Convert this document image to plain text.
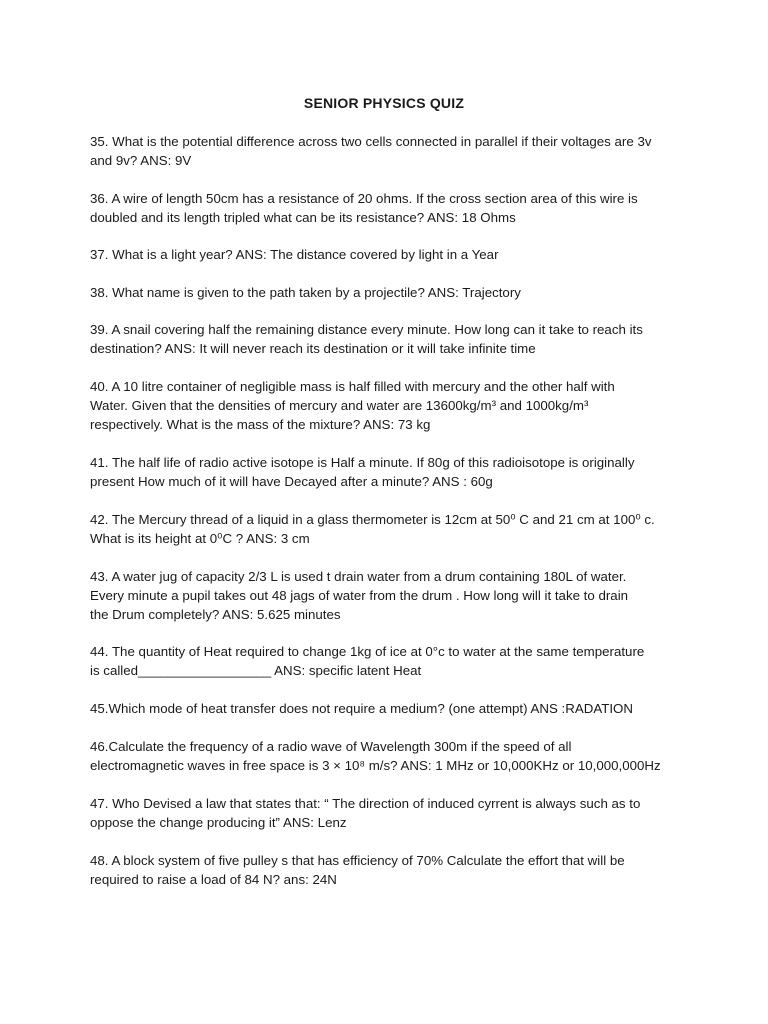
SENIOR PHYSICS QUIZ
35. What is the potential difference across two cells connected in parallel if their voltages are 3v
and 9v? ANS: 9V
36. A wire of length 50cm has a resistance of 20 ohms. If the cross section area of this wire is
doubled and its length tripled what can be its resistance? ANS: 18 Ohms
37. What is a light year? ANS: The distance covered by light in a Year
38. What name is given to the path taken by a projectile? ANS: Trajectory
39. A snail covering half the remaining distance every minute. How long can it take to reach its
destination? ANS: It will never reach its destination or it will take infinite time
40. A 10 litre container of negligible mass is half filled with mercury and the other half with
Water. Given that the densities of mercury and water are 13600kg/m³ and 1000kg/m³
respectively. What is the mass of the mixture? ANS: 73 kg
41. The half life of radio active isotope is Half a minute. If 80g of this radioisotope is originally
present How much of it will have Decayed after a minute? ANS : 60g
42. The Mercury thread of a liquid in a glass thermometer is 12cm at 50⁰ C and 21 cm at 100⁰ c.
What is its height at 0⁰C ? ANS: 3 cm
43. A water jug of capacity 2/3 L is used t drain water from a drum containing 180L of water.
Every minute a pupil takes out 48 jags of water from the drum . How long will it take to drain
the Drum completely? ANS: 5.625 minutes
44. The quantity of Heat required to change 1kg of ice at 0°c to water at the same temperature
is called__________________ ANS: specific latent Heat
45.Which mode of heat transfer does not require a medium? (one attempt) ANS :RADATION
46.Calculate the frequency of a radio wave of Wavelength 300m if the speed of all
electromagnetic waves in free space is 3 × 10⁸ m/s? ANS: 1 MHz or 10,000KHz or 10,000,000Hz
47. Who Devised a law that states that: “ The direction of induced cyrrent is always such as to
oppose the change producing it” ANS: Lenz
48. A block system of five pulley s that has efficiency of 70% Calculate the effort that will be
required to raise a load of 84 N? ans: 24N
